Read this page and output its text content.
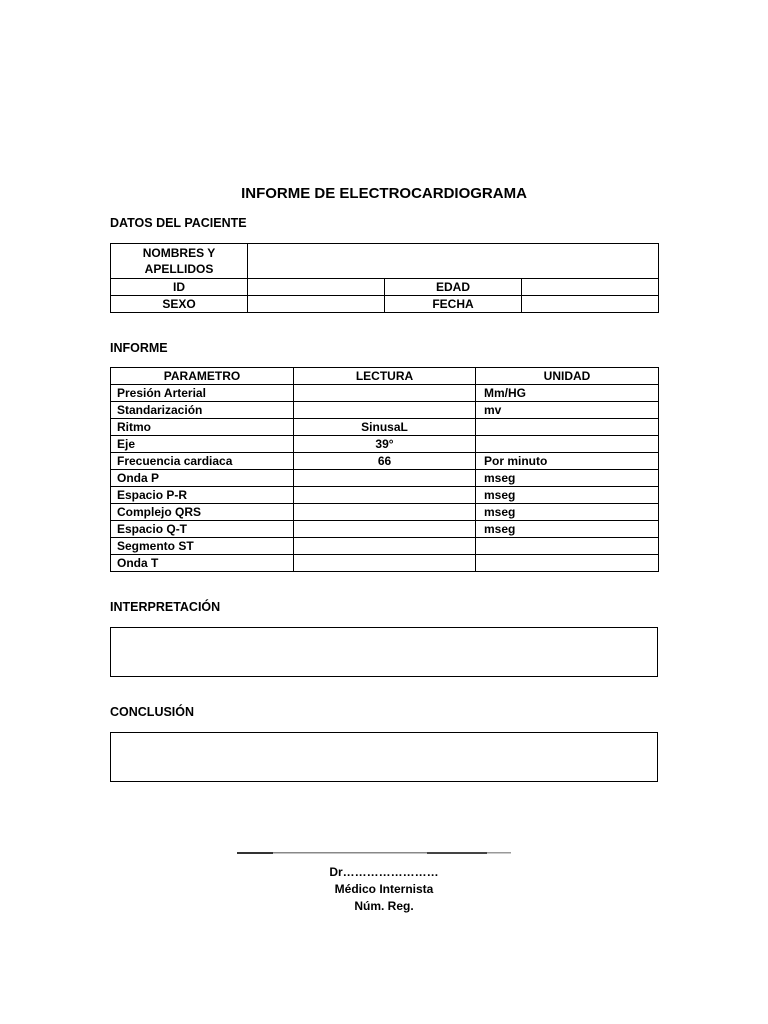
INFORME DE ELECTROCARDIOGRAMA
DATOS DEL PACIENTE
NOMBRES Y APELLIDOS			
ID		EDAD	
SEXO		FECHA	
INFORME
PARAMETRO	LECTURA	UNIDAD
Presión Arterial		Mm/HG
Standarización		mv
Ritmo	SinusaL	
Eje	39°	
Frecuencia cardiaca	66	Por minuto
Onda P		mseg
Espacio P-R		mseg
Complejo QRS		mseg
Espacio Q-T		mseg
Segmento ST		
Onda T		
INTERPRETACIÓN
CONCLUSIÓN
Dr……………………
Médico Internista
Núm. Reg.
